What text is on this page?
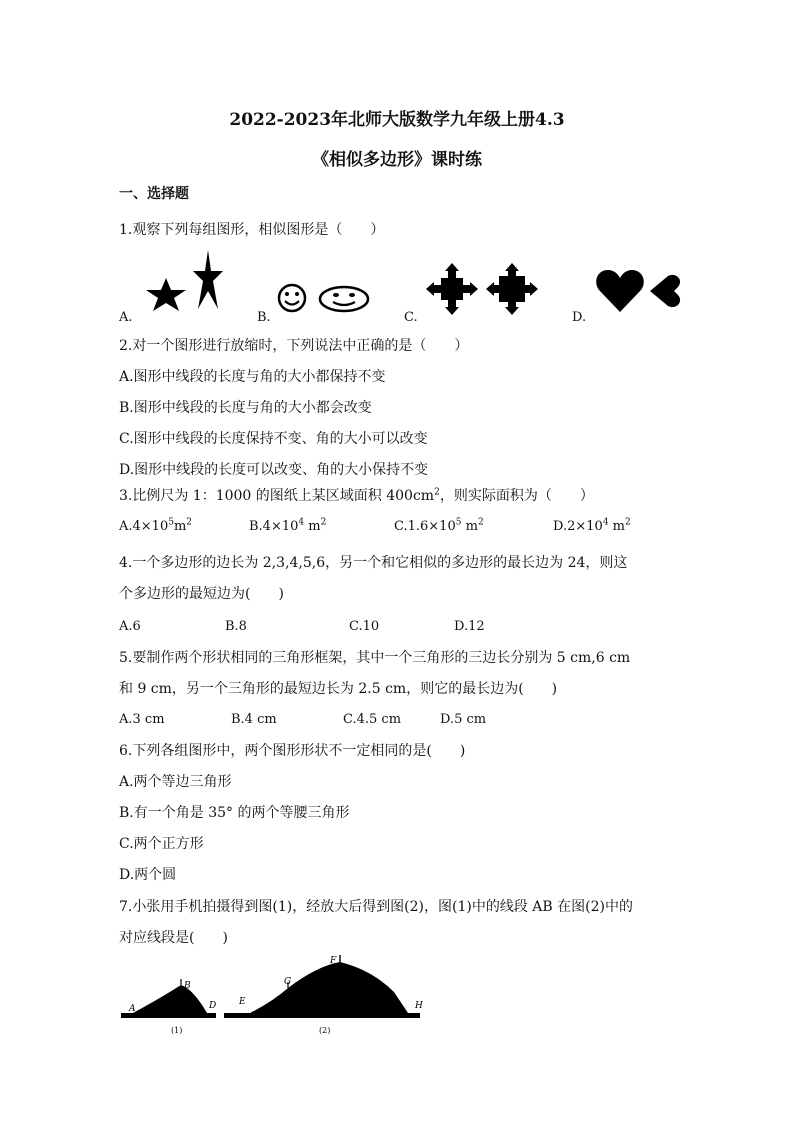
2022-2023年北师大版数学九年级上册4.3
《相似多边形》课时练
一、选择题
1.观察下列每组图形，相似图形是（　　）
A.	B.	C.	D.
2.对一个图形进行放缩时，下列说法中正确的是（　　）
A.图形中线段的长度与角的大小都保持不变
B.图形中线段的长度与角的大小都会改变
C.图形中线段的长度保持不变、角的大小可以改变
D.图形中线段的长度可以改变、角的大小保持不变
3.比例尺为 1：1000 的图纸上某区域面积 $400cm^2$，则实际面积为（　　）
$A.4\times 10^5m^2$	$B.4\times 10^4$ $m^2$	$C.1.6\times 10^5$ $m^2$	$D.2\times 10^4$ $m^2$
4.一个多边形的边长为 2,3,4,5,6，另一个和它相似的多边形的最长边为 24，则这
个多边形的最短边为(　　)
A.6	B.8	C.10	D.12
5.要制作两个形状相同的三角形框架，其中一个三角形的三边长分别为 5 cm,6 cm
和 9 cm，另一个三角形的最短边长为 2.5 cm，则它的最长边为(　　)
A.3 cm	B.4 cm	C.4.5 cm	D.5 cm
6.下列各组图形中，两个图形形状不一定相同的是(　　)
A.两个等边三角形
B.有一个角是 35° 的两个等腰三角形
C.两个正方形
D.两个圆
7.小张用手机拍摄得到图(1)，经放大后得到图(2)，图(1)中的线段 AB 在图(2)中的
对应线段是(　　)
A
B
D
(1)
E
G
F
H
(2)
